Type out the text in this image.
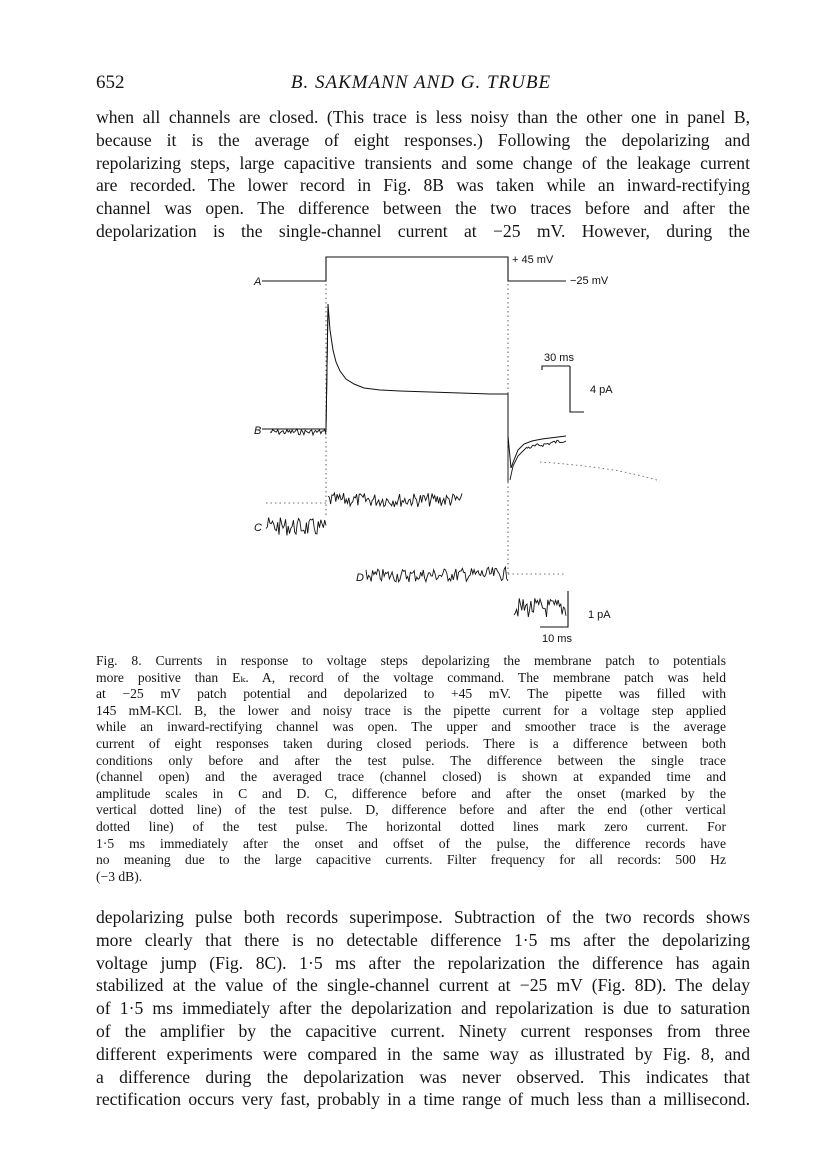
652	B. SAKMANN AND G. TRUBE

when all channels are closed. (This trace is less noisy than the other one in panel B,
because it is the average of eight responses.) Following the depolarizing and
repolarizing steps, large capacitive transients and some change of the leakage current
are recorded. The lower record in Fig. 8B was taken while an inward-rectifying
channel was open. The difference between the two traces before and after the
depolarization is the single-channel current at −25 mV. However, during the

A
+ 45 mV
−25 mV
B
30 ms
4 pA
C
D
1 pA
10 ms

Fig. 8. Currents in response to voltage steps depolarizing the membrane patch to potentials
more positive than Eₖ. A, record of the voltage command. The membrane patch was held
at −25 mV patch potential and depolarized to +45 mV. The pipette was filled with
145 mM-KCl. B, the lower and noisy trace is the pipette current for a voltage step applied
while an inward-rectifying channel was open. The upper and smoother trace is the average
current of eight responses taken during closed periods. There is a difference between both
conditions only before and after the test pulse. The difference between the single trace
(channel open) and the averaged trace (channel closed) is shown at expanded time and
amplitude scales in C and D. C, difference before and after the onset (marked by the
vertical dotted line) of the test pulse. D, difference before and after the end (other vertical
dotted line) of the test pulse. The horizontal dotted lines mark zero current. For
1·5 ms immediately after the onset and offset of the pulse, the difference records have
no meaning due to the large capacitive currents. Filter frequency for all records: 500 Hz
(−3 dB).

depolarizing pulse both records superimpose. Subtraction of the two records shows
more clearly that there is no detectable difference 1·5 ms after the depolarizing
voltage jump (Fig. 8C). 1·5 ms after the repolarization the difference has again
stabilized at the value of the single-channel current at −25 mV (Fig. 8D). The delay
of 1·5 ms immediately after the depolarization and repolarization is due to saturation
of the amplifier by the capacitive current. Ninety current responses from three
different experiments were compared in the same way as illustrated by Fig. 8, and
a difference during the depolarization was never observed. This indicates that
rectification occurs very fast, probably in a time range of much less than a millisecond.
